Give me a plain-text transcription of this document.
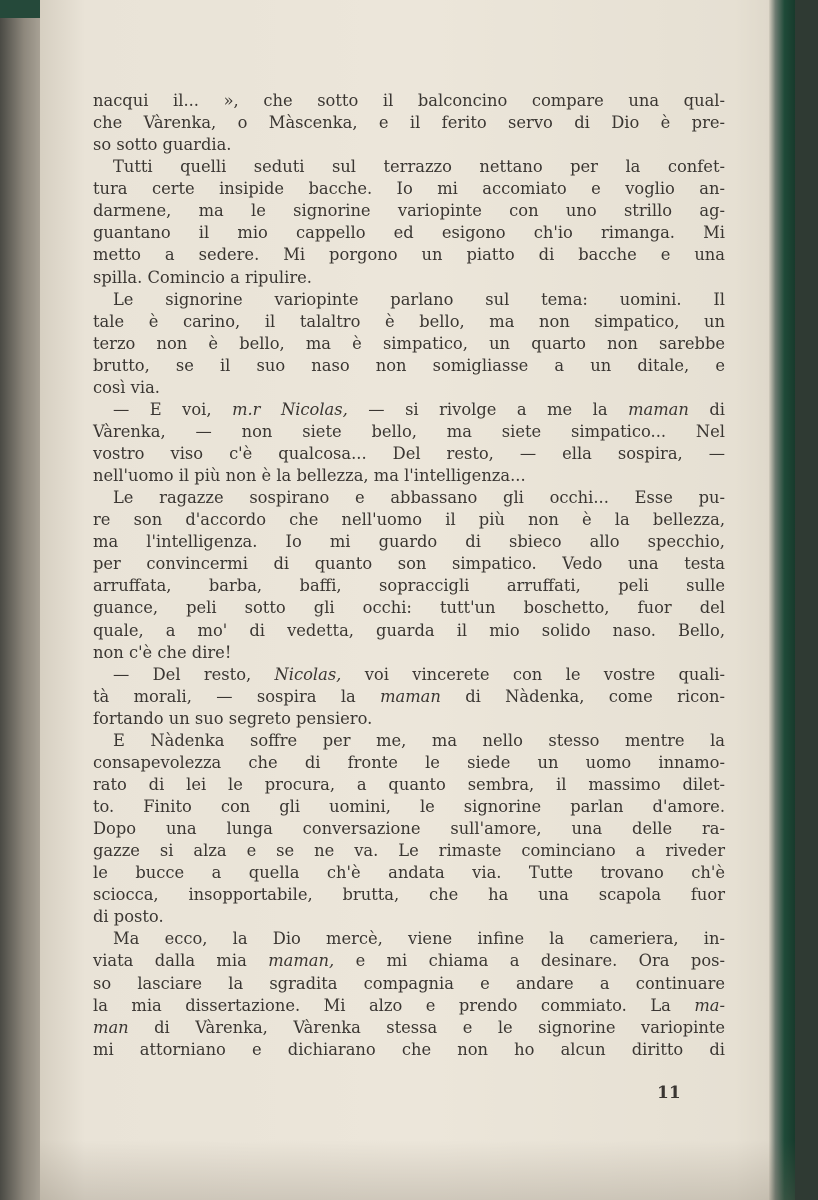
nacqui il... », che sotto il balconcino compare una qual-
che Vàrenka, o Màscenka, e il ferito servo di Dio è pre-
so sotto guardia.
Tutti quelli seduti sul terrazzo nettano per la confet-
tura certe insipide bacche. Io mi accomiato e voglio an-
darmene, ma le signorine variopinte con uno strillo ag-
guantano il mio cappello ed esigono ch'io rimanga. Mi
metto a sedere. Mi porgono un piatto di bacche e una
spilla. Comincio a ripulire.
Le signorine variopinte parlano sul tema: uomini. Il
tale è carino, il talaltro è bello, ma non simpatico, un
terzo non è bello, ma è simpatico, un quarto non sarebbe
brutto, se il suo naso non somigliasse a un ditale, e
così via.
— E voi, m.r Nicolas, — si rivolge a me la maman di
Vàrenka, — non siete bello, ma siete simpatico... Nel
vostro viso c'è qualcosa... Del resto, — ella sospira, —
nell'uomo il più non è la bellezza, ma l'intelligenza...
Le ragazze sospirano e abbassano gli occhi... Esse pu-
re son d'accordo che nell'uomo il più non è la bellezza,
ma l'intelligenza. Io mi guardo di sbieco allo specchio,
per convincermi di quanto son simpatico. Vedo una testa
arruffata, barba, baffi, sopraccigli arruffati, peli sulle
guance, peli sotto gli occhi: tutt'un boschetto, fuor del
quale, a mo' di vedetta, guarda il mio solido naso. Bello,
non c'è che dire!
— Del resto, Nicolas, voi vincerete con le vostre quali-
tà morali, — sospira la maman di Nàdenka, come ricon-
fortando un suo segreto pensiero.
E Nàdenka soffre per me, ma nello stesso mentre la
consapevolezza che di fronte le siede un uomo innamo-
rato di lei le procura, a quanto sembra, il massimo dilet-
to. Finito con gli uomini, le signorine parlan d'amore.
Dopo una lunga conversazione sull'amore, una delle ra-
gazze si alza e se ne va. Le rimaste cominciano a riveder
le bucce a quella ch'è andata via. Tutte trovano ch'è
sciocca, insopportabile, brutta, che ha una scapola fuor
di posto.
Ma ecco, la Dio mercè, viene infine la cameriera, in-
viata dalla mia maman, e mi chiama a desinare. Ora pos-
so lasciare la sgradita compagnia e andare a continuare
la mia dissertazione. Mi alzo e prendo commiato. La ma-
man di Vàrenka, Vàrenka stessa e le signorine variopinte
mi attorniano e dichiarano che non ho alcun diritto di
11
